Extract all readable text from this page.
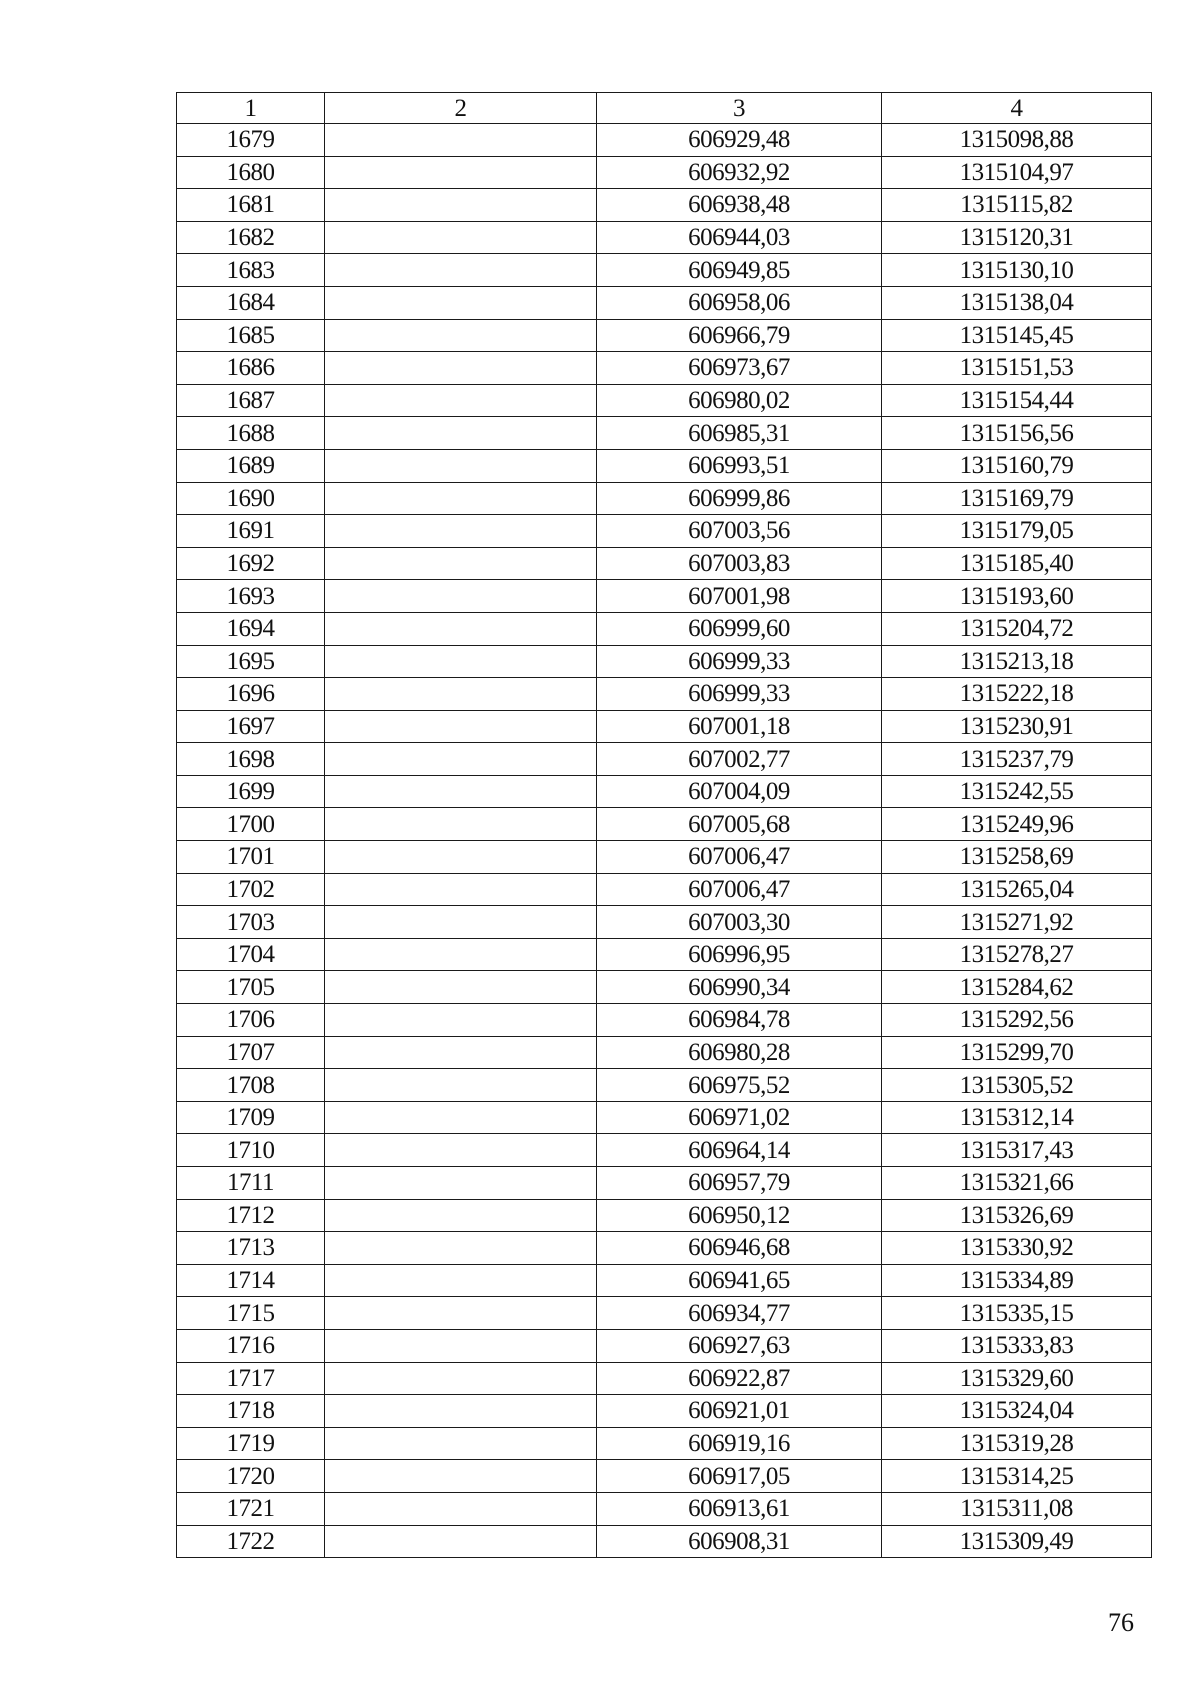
1	2	3	4
1679		606929,48	1315098,88
1680		606932,92	1315104,97
1681		606938,48	1315115,82
1682		606944,03	1315120,31
1683		606949,85	1315130,10
1684		606958,06	1315138,04
1685		606966,79	1315145,45
1686		606973,67	1315151,53
1687		606980,02	1315154,44
1688		606985,31	1315156,56
1689		606993,51	1315160,79
1690		606999,86	1315169,79
1691		607003,56	1315179,05
1692		607003,83	1315185,40
1693		607001,98	1315193,60
1694		606999,60	1315204,72
1695		606999,33	1315213,18
1696		606999,33	1315222,18
1697		607001,18	1315230,91
1698		607002,77	1315237,79
1699		607004,09	1315242,55
1700		607005,68	1315249,96
1701		607006,47	1315258,69
1702		607006,47	1315265,04
1703		607003,30	1315271,92
1704		606996,95	1315278,27
1705		606990,34	1315284,62
1706		606984,78	1315292,56
1707		606980,28	1315299,70
1708		606975,52	1315305,52
1709		606971,02	1315312,14
1710		606964,14	1315317,43
1711		606957,79	1315321,66
1712		606950,12	1315326,69
1713		606946,68	1315330,92
1714		606941,65	1315334,89
1715		606934,77	1315335,15
1716		606927,63	1315333,83
1717		606922,87	1315329,60
1718		606921,01	1315324,04
1719		606919,16	1315319,28
1720		606917,05	1315314,25
1721		606913,61	1315311,08
1722		606908,31	1315309,49
76
